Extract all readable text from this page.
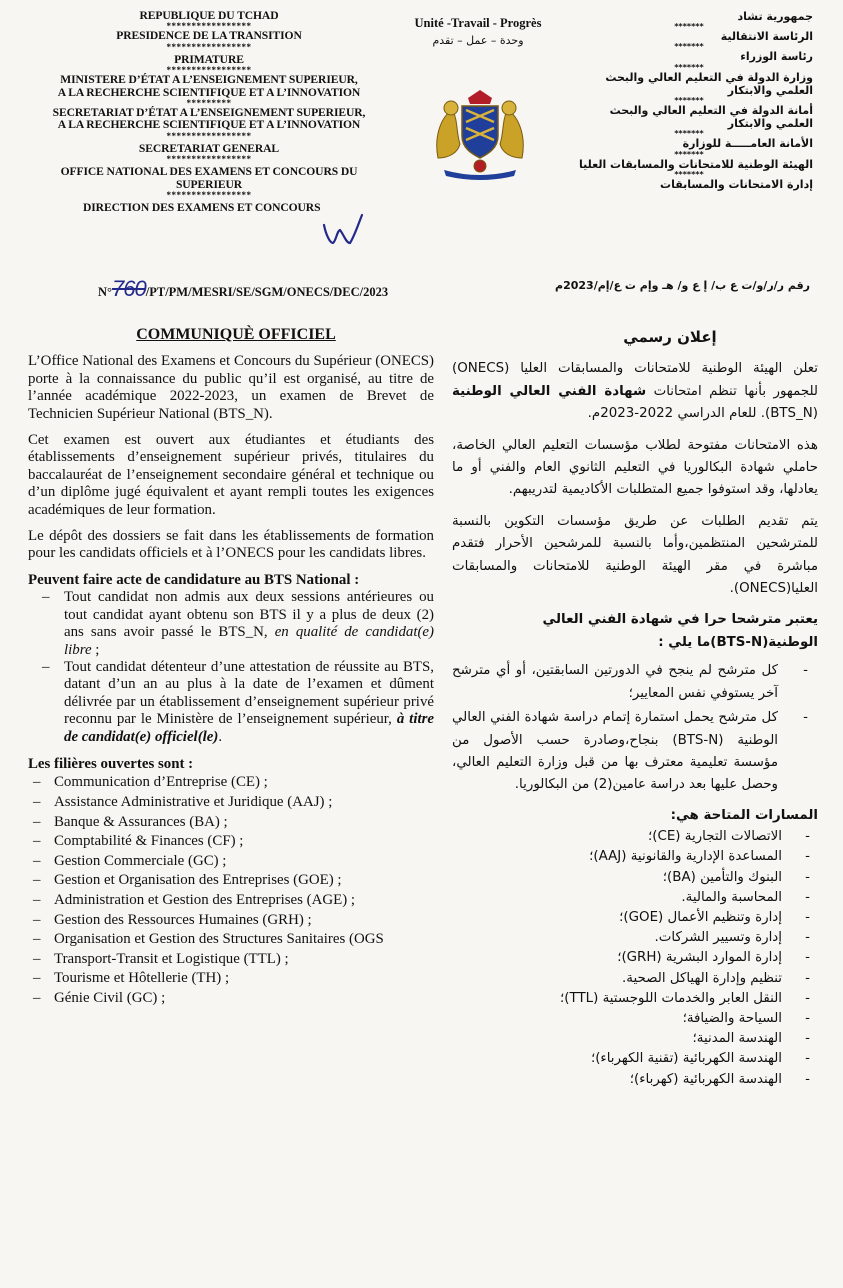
REPUBLIQUE DU TCHAD
*****************
PRESIDENCE DE LA TRANSITION
*****************
PRIMATURE
*****************
MINISTERE D’ÉTAT A L’ENSEIGNEMENT SUPERIEUR,
A LA RECHERCHE SCIENTIFIQUE ET A L’INNOVATION
*********
SECRETARIAT D’ÉTAT A L’ENSEIGNEMENT SUPERIEUR,
A LA RECHERCHE SCIENTIFIQUE ET A L’INNOVATION
*****************
SECRETARIAT GENERAL
*****************
OFFICE NATIONAL DES EXAMENS ET CONCOURS DU
SUPERIEUR
*****************
DIRECTION DES EXAMENS ET CONCOURS
Unité -Travail - Progrès
وحدة – عمل – تقدم
جمهورية تشاد
*******
الرئاسة الانتقالية
*******
رئاسة الوزراء
*******
وزارة الدولة في التعليم العالي والبحث
العلمي والابتكار
*******
أمانة الدولة في التعليم العالي والبحث
العلمي والابتكار
*******
الأمانة العامـــــة للوزارة
*******
الهيئة الوطنية للامتحانات والمسابقات العليا
*******
إدارة الامتحانات والمسابقات
N°760/PT/PM/MESRI/SE/SGM/ONECS/DEC/2023	رقم ر/ر/و/ت ع ب/ إ ع و/ هـ وإم ت ع/إم/2023م
COMMUNIQUÈ OFFICIEL

L’Office National des Examens et Concours du Supérieur (ONECS) porte à la connaissance du public qu’il est organisé, au titre de l’année académique 2022-2023, un examen de Brevet de Technicien Supérieur National (BTS_N).

Cet examen est ouvert aux étudiantes et étudiants des établissements d’enseignement supérieur privés, titulaires du baccalauréat de l’enseignement secondaire général et technique ou d’un diplôme jugé équivalent et ayant rempli toutes les exigences académiques de leur formation.

Le dépôt des dossiers se fait dans les établissements de formation pour les candidats officiels et à l’ONECS pour les candidats libres.

Peuvent faire acte de candidature au BTS National :
– Tout candidat non admis aux deux sessions antérieures ou tout candidat ayant obtenu son BTS il y a plus de deux (2) ans sans avoir passé le BTS_N, en qualité de candidat(e) libre ;
– Tout candidat détenteur d’une attestation de réussite au BTS, datant d’un an au plus à la date de l’examen et dûment délivrée par un établissement d’enseignement supérieur privé reconnu par le Ministère de l’enseignement supérieur, à titre de candidat(e) officiel(le).
Les filières ouvertes sont :
– Communication d’Entreprise (CE) ;
– Assistance Administrative et Juridique (AAJ) ;
– Banque & Assurances (BA) ;
– Comptabilité & Finances (CF) ;
– Gestion Commerciale (GC) ;
– Gestion et Organisation des Entreprises (GOE) ;
– Administration et Gestion des Entreprises (AGE) ;
– Gestion des Ressources Humaines (GRH) ;
– Organisation et Gestion des Structures Sanitaires (OGS
– Transport-Transit et Logistique (TTL) ;
– Tourisme et Hôtellerie (TH) ;
– Génie Civil (GC) ;
إعلان رسمي

تعلن الهيئة الوطنية للامتحانات والمسابقات العليا (ONECS) للجمهور بأنها تنظم امتحانات شهادة الفني العالي الوطنية (BTS_N). للعام الدراسي 2022-2023م.

هذه الامتحانات مفتوحة لطلاب مؤسسات التعليم العالي الخاصة، حاملي شهادة البكالوريا في التعليم الثانوي العام والفني أو ما يعادلها، وقد استوفوا جميع المتطلبات الأكاديمية لتدريبهم.

يتم تقديم الطلبات عن طريق مؤسسات التكوين بالنسبة للمترشحين المنتظمين،وأما بالنسبة للمرشحين الأحرار فتقدم مباشرة في مقر الهيئة الوطنية للامتحانات والمسابقات العليا(ONECS).

يعتبر مترشحا حرا في شهادة الفني العالي الوطنية(BTS-N)ما يلي :
- كل مترشح لم ينجح في الدورتين السابقتين، أو أي مترشح آخر يستوفي نفس المعايير؛
- كل مترشح يحمل استمارة إتمام دراسة شهادة الفني العالي الوطنية (BTS-N) بنجاح،وصادرة حسب الأصول من مؤسسة تعليمية معترف بها من قبل وزارة التعليم العالي، وحصل عليها بعد دراسة عامين(2) من البكالوريا.
المسارات المتاحة هي:
- الاتصالات التجارية (CE)؛
- المساعدة الإدارية والقانونية (AAJ)؛
- البنوك والتأمين (BA)؛
- المحاسبة والمالية.
- إدارة وتنظيم الأعمال (GOE)؛
- إدارة وتسيير الشركات.
- إدارة الموارد البشرية (GRH)؛
- تنظيم وإدارة الهياكل الصحية.
- النقل العابر والخدمات اللوجستية (TTL)؛
- السياحة والضيافة؛
- الهندسة المدنية؛
- الهندسة الكهربائية (تقنية الكهرباء)؛
- الهندسة الكهربائية (كهرباء)؛
